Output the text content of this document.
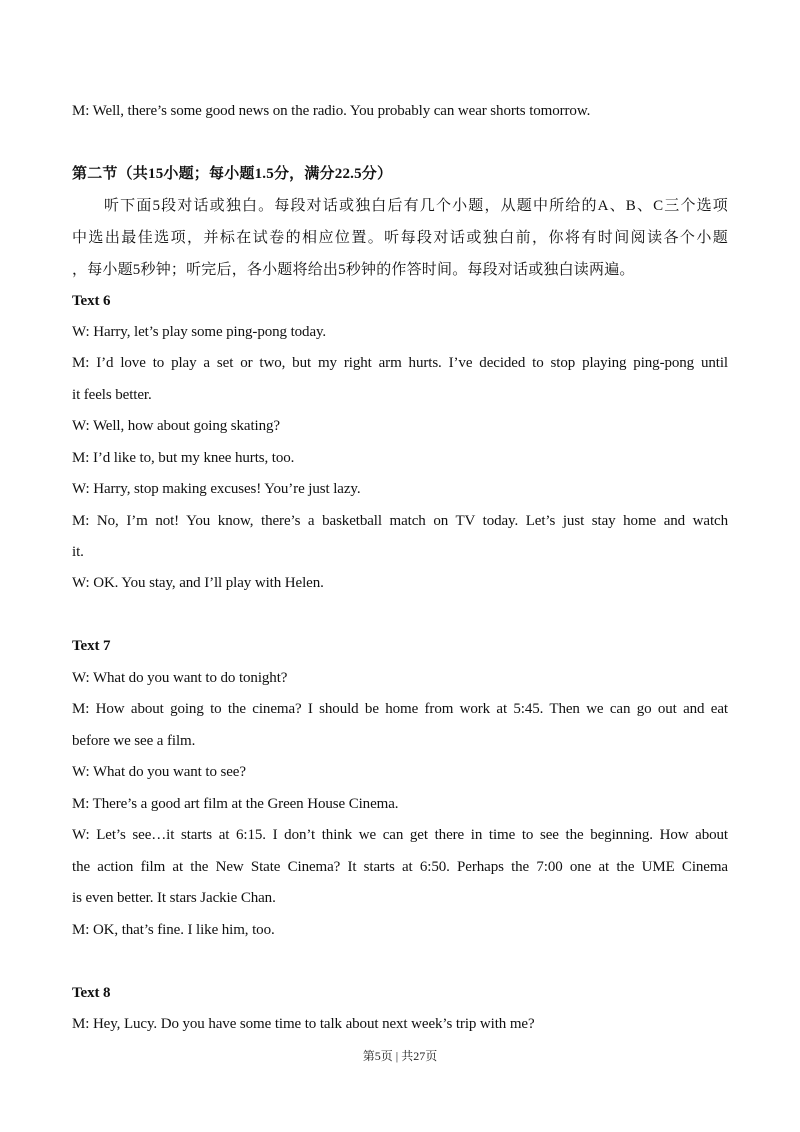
M: Well, there’s some good news on the radio. You probably can wear shorts tomorrow.
第二节（共15小题；每小题1.5分，满分22.5分）
听下面5段对话或独白。每段对话或独白后有几个小题，从题中所给的A、B、C三个选项
中选出最佳选项，并标在试卷的相应位置。听每段对话或独白前，你将有时间阅读各个小题
，每小题5秒钟；听完后，各小题将给出5秒钟的作答时间。每段对话或独白读两遍。
Text 6
W: Harry, let’s play some ping-pong today.
M: I’d love to play a set or two, but my right arm hurts. I’ve decided to stop playing ping-pong until
it feels better.
W: Well, how about going skating?
M: I’d like to, but my knee hurts, too.
W: Harry, stop making excuses! You’re just lazy.
M: No, I’m not! You know, there’s a basketball match on TV today. Let’s just stay home and watch
it.
W: OK. You stay, and I’ll play with Helen.
Text 7
W: What do you want to do tonight?
M: How about going to the cinema? I should be home from work at 5:45. Then we can go out and eat
before we see a film.
W: What do you want to see?
M: There’s a good art film at the Green House Cinema.
W: Let’s see…it starts at 6:15. I don’t think we can get there in time to see the beginning. How about
the action film at the New State Cinema? It starts at 6:50. Perhaps the 7:00 one at the UME Cinema
is even better. It stars Jackie Chan.
M: OK, that’s fine. I like him, too.
Text 8
M: Hey, Lucy. Do you have some time to talk about next week’s trip with me?
第5页 | 共27页
